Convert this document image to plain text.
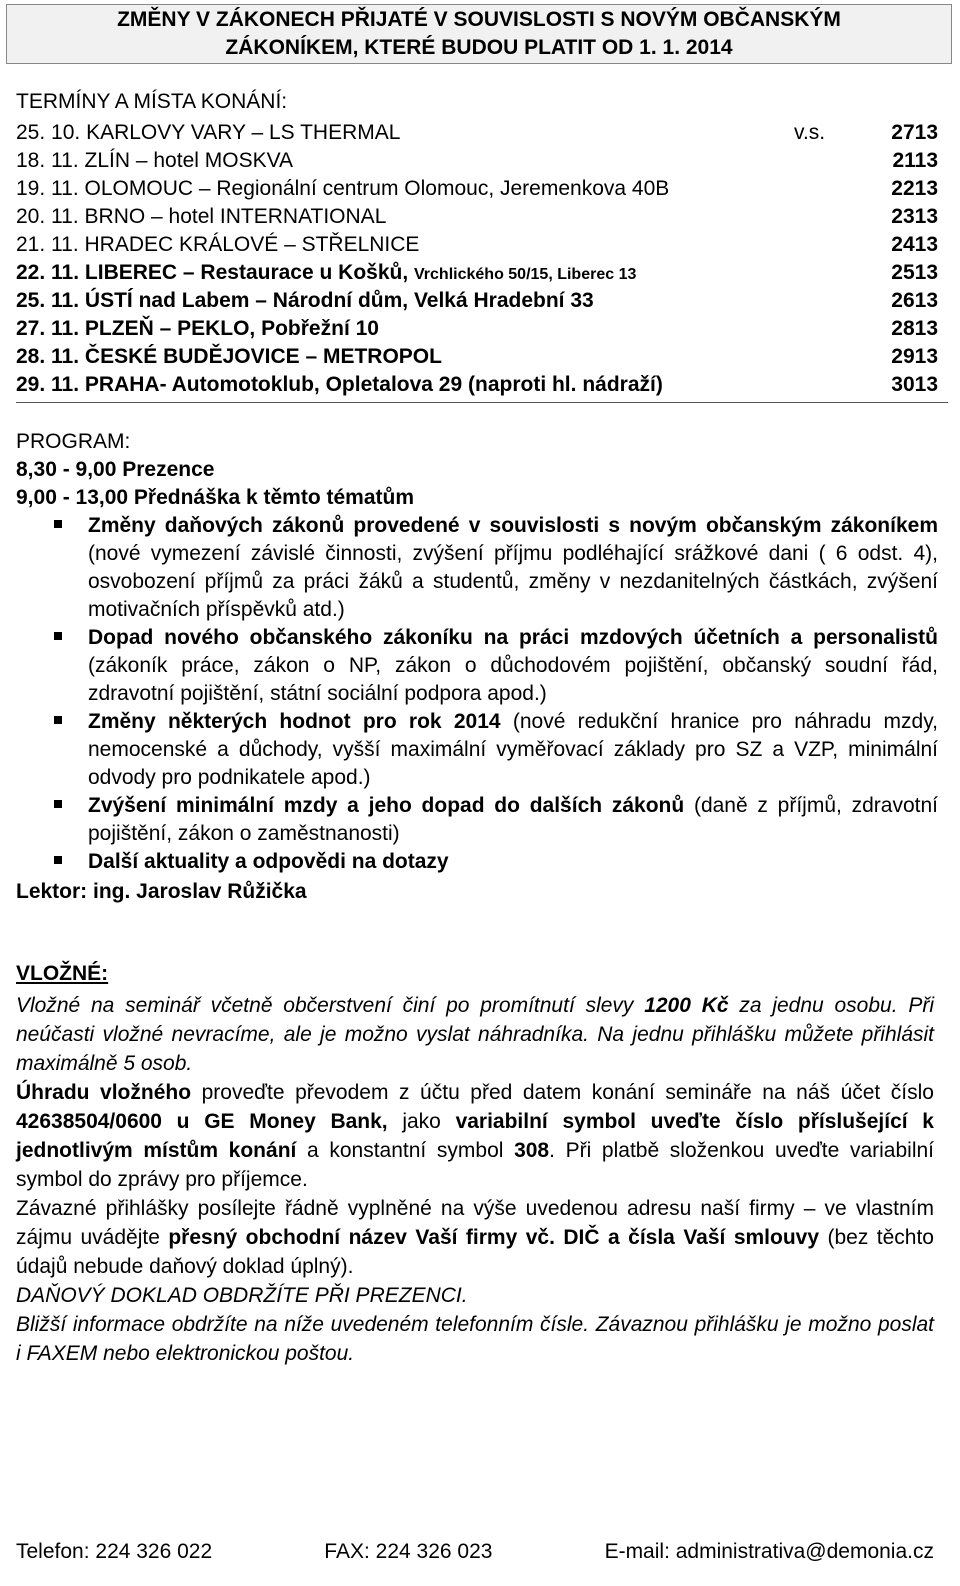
ZMĚNY V ZÁKONECH PŘIJATÉ V SOUVISLOSTI S NOVÝM OBČANSKÝM
ZÁKONÍKEM, KTERÉ BUDOU PLATIT OD 1. 1. 2014
TERMÍNY A MÍSTA KONÁNÍ:
25. 10. KARLOVY VARY – LS THERMAL	v.s.	2713
18. 11. ZLÍN – hotel MOSKVA	2113
19. 11. OLOMOUC – Regionální centrum Olomouc, Jeremenkova 40B	2213
20. 11. BRNO – hotel INTERNATIONAL	2313
21. 11. HRADEC KRÁLOVÉ – STŘELNICE	2413
22. 11. LIBEREC – Restaurace u Košků, Vrchlického 50/15, Liberec 13	2513
25. 11. ÚSTÍ nad Labem – Národní dům, Velká Hradební 33	2613
27. 11. PLZEŇ – PEKLO, Pobřežní 10	2813
28. 11. ČESKÉ BUDĚJOVICE – METROPOL	2913
29. 11. PRAHA- Automotoklub, Opletalova 29 (naproti hl. nádraží)	3013
PROGRAM:
8,30 - 9,00 Prezence
9,00 - 13,00 Přednáška k těmto tématům
Změny daňových zákonů provedené v souvislosti s novým občanským zákoníkem (nové vymezení závislé činnosti, zvýšení příjmu podléhající srážkové dani ( 6 odst. 4), osvobození příjmů za práci žáků a studentů, změny v nezdanitelných částkách, zvýšení motivačních příspěvků atd.)
Dopad nového občanského zákoníku na práci mzdových účetních a personalistů (zákoník práce, zákon o NP, zákon o důchodovém pojištění, občanský soudní řád, zdravotní pojištění, státní sociální podpora apod.)
Změny některých hodnot pro rok 2014 (nové redukční hranice pro náhradu mzdy, nemocenské a důchody, vyšší maximální vyměřovací základy pro SZ a VZP, minimální odvody pro podnikatele apod.)
Zvýšení minimální mzdy a jeho dopad do dalších zákonů (daně z příjmů, zdravotní pojištění, zákon o zaměstnanosti)
Další aktuality a odpovědi na dotazy
Lektor: ing. Jaroslav Růžička
VLOŽNÉ:

Vložné na seminář včetně občerstvení činí po promítnutí slevy 1200 Kč za jednu osobu. Při neúčasti vložné nevracíme, ale je možno vyslat náhradníka. Na jednu přihlášku můžete přihlásit maximálně 5 osob.

Úhradu vložného proveďte převodem z účtu před datem konání semináře na náš účet číslo 42638504/0600 u GE Money Bank, jako variabilní symbol uveďte číslo příslušející k jednotlivým místům konání a konstantní symbol 308. Při platbě složenkou uveďte variabilní symbol do zprávy pro příjemce.

Závazné přihlášky posílejte řádně vyplněné na výše uvedenou adresu naší firmy – ve vlastním zájmu uvádějte přesný obchodní název Vaší firmy vč. DIČ a čísla Vaší smlouvy (bez těchto údajů nebude daňový doklad úplný).

DAŇOVÝ DOKLAD OBDRŽÍTE PŘI PREZENCI.

Bližší informace obdržíte na níže uvedeném telefonním čísle. Závaznou přihlášku je možno poslat i FAXEM nebo elektronickou poštou.

Telefon: 224 326 022	FAX: 224 326 023	E-mail: administrativa@demonia.cz
